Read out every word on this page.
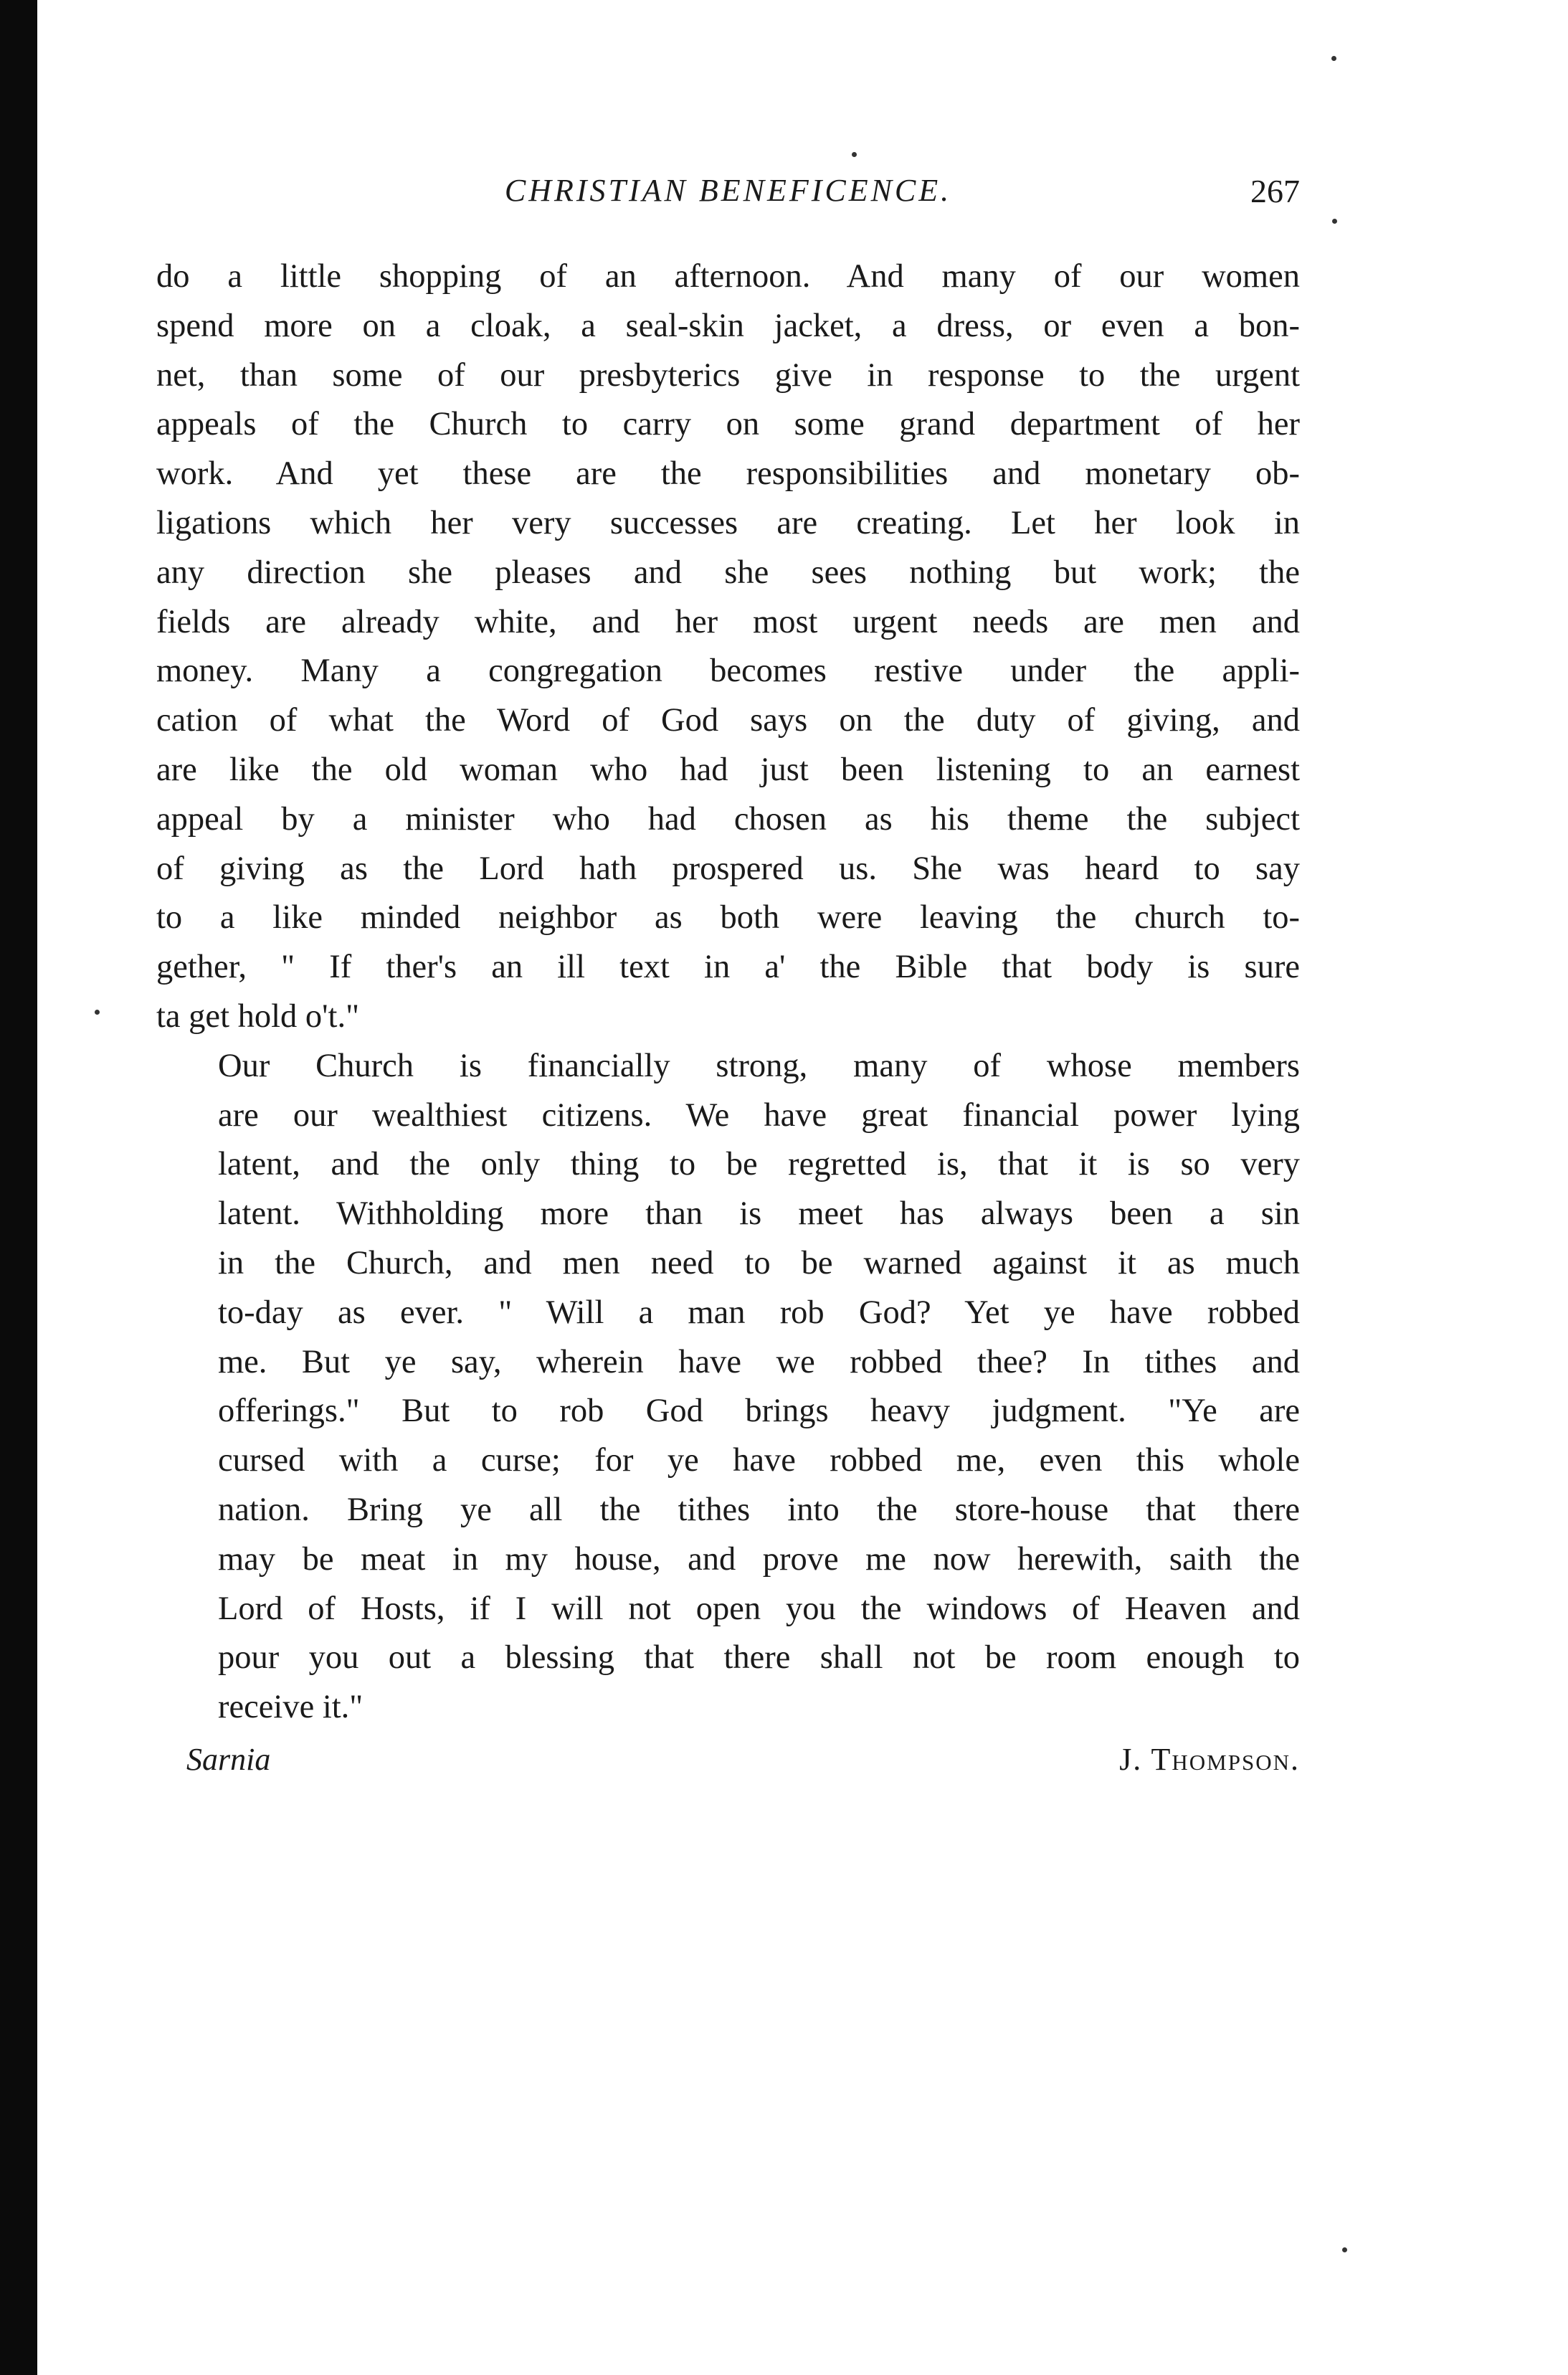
CHRISTIAN BENEFICENCE.	267

do a little shopping of an afternoon. And many of our women
spend more on a cloak, a seal-skin jacket, a dress, or even a bon-
net, than some of our presbyterics give in response to the urgent
appeals of the Church to carry on some grand department of her
work. And yet these are the responsibilities and monetary ob-
ligations which her very successes are creating. Let her look in
any direction she pleases and she sees nothing but work; the
fields are already white, and her most urgent needs are men and
money. Many a congregation becomes restive under the appli-
cation of what the Word of God says on the duty of giving, and
are like the old woman who had just been listening to an earnest
appeal by a minister who had chosen as his theme the subject
of giving as the Lord hath prospered us. She was heard to say
to a like minded neighbor as both were leaving the church to-
gether, " If ther's an ill text in a' the Bible that body is sure
ta get hold o't."

Our Church is financially strong, many of whose members
are our wealthiest citizens. We have great financial power lying
latent, and the only thing to be regretted is, that it is so very
latent. Withholding more than is meet has always been a sin
in the Church, and men need to be warned against it as much
to-day as ever. " Will a man rob God? Yet ye have robbed
me. But ye say, wherein have we robbed thee? In tithes and
offerings." But to rob God brings heavy judgment. "Ye are
cursed with a curse; for ye have robbed me, even this whole
nation. Bring ye all the tithes into the store-house that there
may be meat in my house, and prove me now herewith, saith the
Lord of Hosts, if I will not open you the windows of Heaven and
pour you out a blessing that there shall not be room enough to
receive it."

Sarnia	J. Thompson.
